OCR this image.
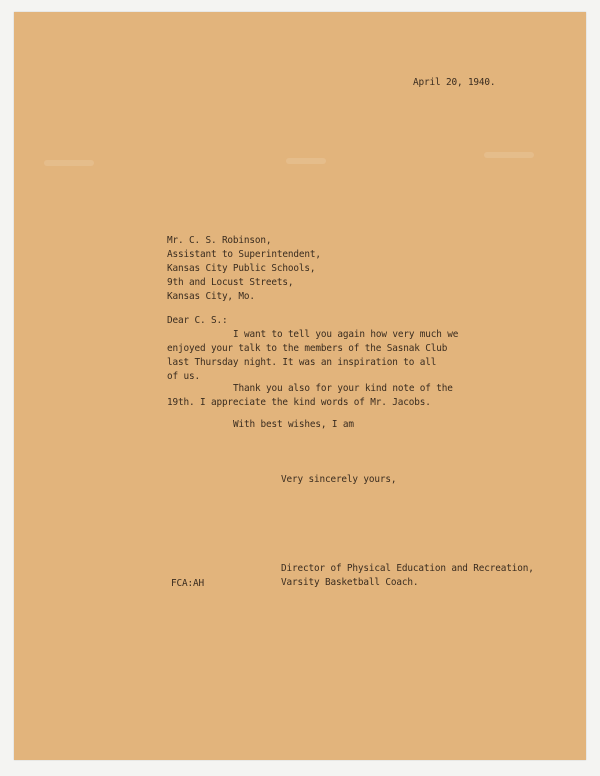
April 20, 1940.

Mr. C. S. Robinson,

Assistant to Superintendent,

Kansas City Public Schools,

9th and Locust Streets,

Kansas City, Mo.

Dear C. S.:

I want to tell you again how very much we

enjoyed your talk to the members of the Sasnak Club

last Thursday night. It was an inspiration to all

of us.

Thank you also for your kind note of the

19th. I appreciate the kind words of Mr. Jacobs.

With best wishes, I am

Very sincerely yours,

Director of Physical Education and Recreation,

Varsity Basketball Coach.

FCA:AH
